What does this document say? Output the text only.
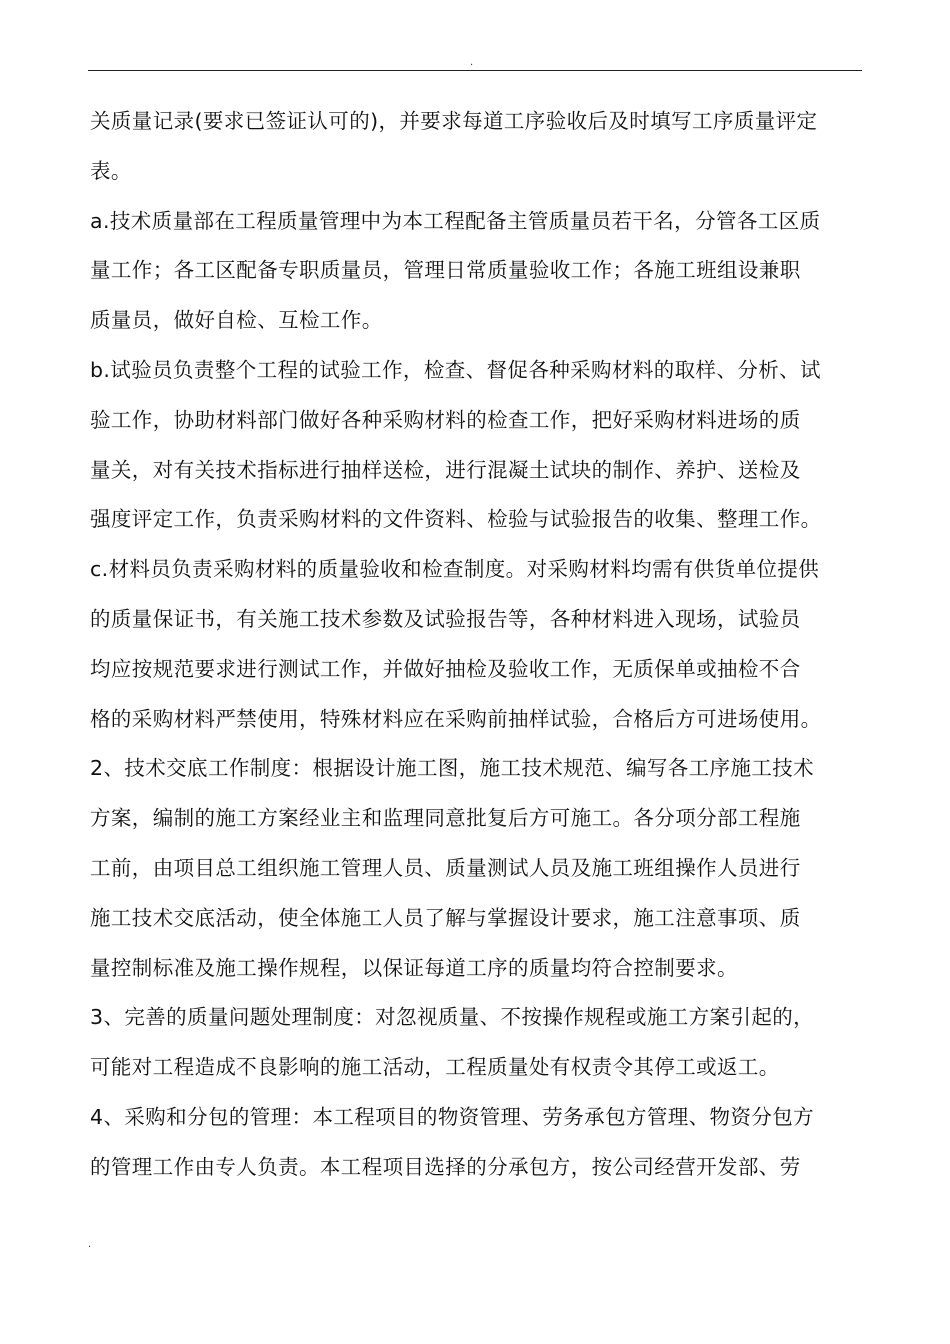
.
关质量记录(要求已签证认可的)，并要求每道工序验收后及时填写工序质量评定
表。
a.技术质量部在工程质量管理中为本工程配备主管质量员若干名，分管各工区质
量工作；各工区配备专职质量员，管理日常质量验收工作；各施工班组设兼职
质量员，做好自检、互检工作。
b.试验员负责整个工程的试验工作，检查、督促各种采购材料的取样、分析、试
验工作，协助材料部门做好各种采购材料的检查工作，把好采购材料进场的质
量关，对有关技术指标进行抽样送检，进行混凝土试块的制作、养护、送检及
强度评定工作，负责采购材料的文件资料、检验与试验报告的收集、整理工作。
c.材料员负责采购材料的质量验收和检查制度。对采购材料均需有供货单位提供
的质量保证书，有关施工技术参数及试验报告等，各种材料进入现场，试验员
均应按规范要求进行测试工作，并做好抽检及验收工作，无质保单或抽检不合
格的采购材料严禁使用，特殊材料应在采购前抽样试验，合格后方可进场使用。
2、技术交底工作制度：根据设计施工图，施工技术规范、编写各工序施工技术
方案，编制的施工方案经业主和监理同意批复后方可施工。各分项分部工程施
工前，由项目总工组织施工管理人员、质量测试人员及施工班组操作人员进行
施工技术交底活动，使全体施工人员了解与掌握设计要求，施工注意事项、质
量控制标准及施工操作规程，以保证每道工序的质量均符合控制要求。
3、完善的质量问题处理制度：对忽视质量、不按操作规程或施工方案引起的，
可能对工程造成不良影响的施工活动，工程质量处有权责令其停工或返工。
4、采购和分包的管理：本工程项目的物资管理、劳务承包方管理、物资分包方
的管理工作由专人负责。本工程项目选择的分承包方，按公司经营开发部、劳
.
